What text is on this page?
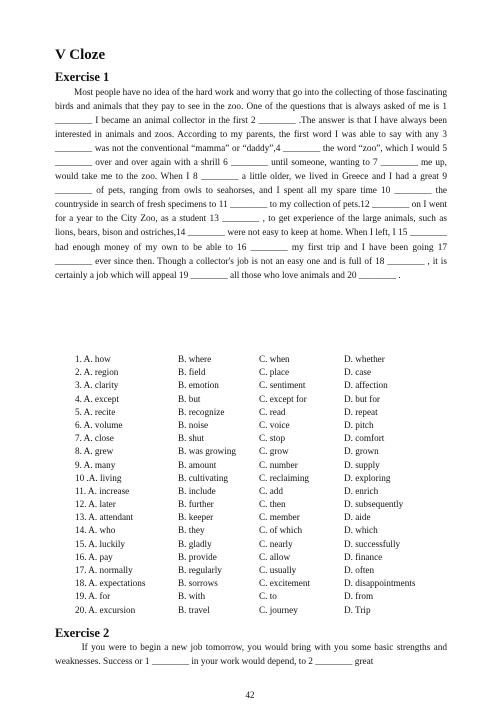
V Cloze
Exercise 1

Most people have no idea of the hard work and worry that go into the collecting of those fascinating birds and animals that they pay to see in the zoo. One of the questions that is always asked of me is 1 ________ I became an animal collector in the first 2 ________ .The answer is that I have always been interested in animals and zoos. According to my parents, the first word I was able to say with any 3 ________ was not the conventional “mamma” or “daddy”,4 ________ the word “zoo”, which I would 5 ________ over and over again with a shrill 6 ________ until someone, wanting to 7 ________ me up, would take me to the zoo. When I 8 ________ a little older, we lived in Greece and I had a great 9 ________ of pets, ranging from owls to seahorses, and I spent all my spare time 10 ________ the countryside in search of fresh specimens to 11 ________ to my collection of pets.12 ________ on I went for a year to the City Zoo, as a student 13 ________ , to get experience of the large animals, such as lions, bears, bison and ostriches,14 ________ were not easy to keep at home. When I left, I 15 ________ had enough money of my own to be able to 16 ________ my first trip and I have been going 17 ________ ever since then. Though a collector's job is not an easy one and is full of 18 ________ , it is certainly a job which will appeal 19 ________ all those who love animals and 20 ________ .

1. A. how	B. where	C. when	D. whether
2. A. region	B. field	C. place	D. case
3. A. clarity	B. emotion	C. sentiment	D. affection
4. A. except	B. but	C. except for	D. but for
5. A. recite	B. recognize	C. read	D. repeat
6. A. volume	B. noise	C. voice	D. pitch
7. A. close	B. shut	C. stop	D. comfort
8. A. grew	B. was growing	C. grow	D. grown
9. A. many	B. amount	C. number	D. supply
10 .A. living	B. cultivating	C. reclaiming	D. exploring
11. A. increase	B. include	C. add	D. enrich
12. A. later	B. further	C. then	D. subsequently
13. A. attendant	B. keeper	C. member	D. aide
14. A. who	B. they	C. of which	D. which
15. A. luckily	B. gladly	C. nearly	D. successfully
16. A. pay	B. provide	C. allow	D. finance
17. A. normally	B. regularly	C. usually	D. often
18. A. expectations	B. sorrows	C. excitement	D. disappointments
19. A. for	B. with	C. to	D. from
20. A. excursion	B. travel	C. journey	D. Trip
Exercise 2

If you were to begin a new job tomorrow, you would bring with you some basic strengths and weaknesses. Success or 1 ________ in your work would depend, to 2 ________ great

42
